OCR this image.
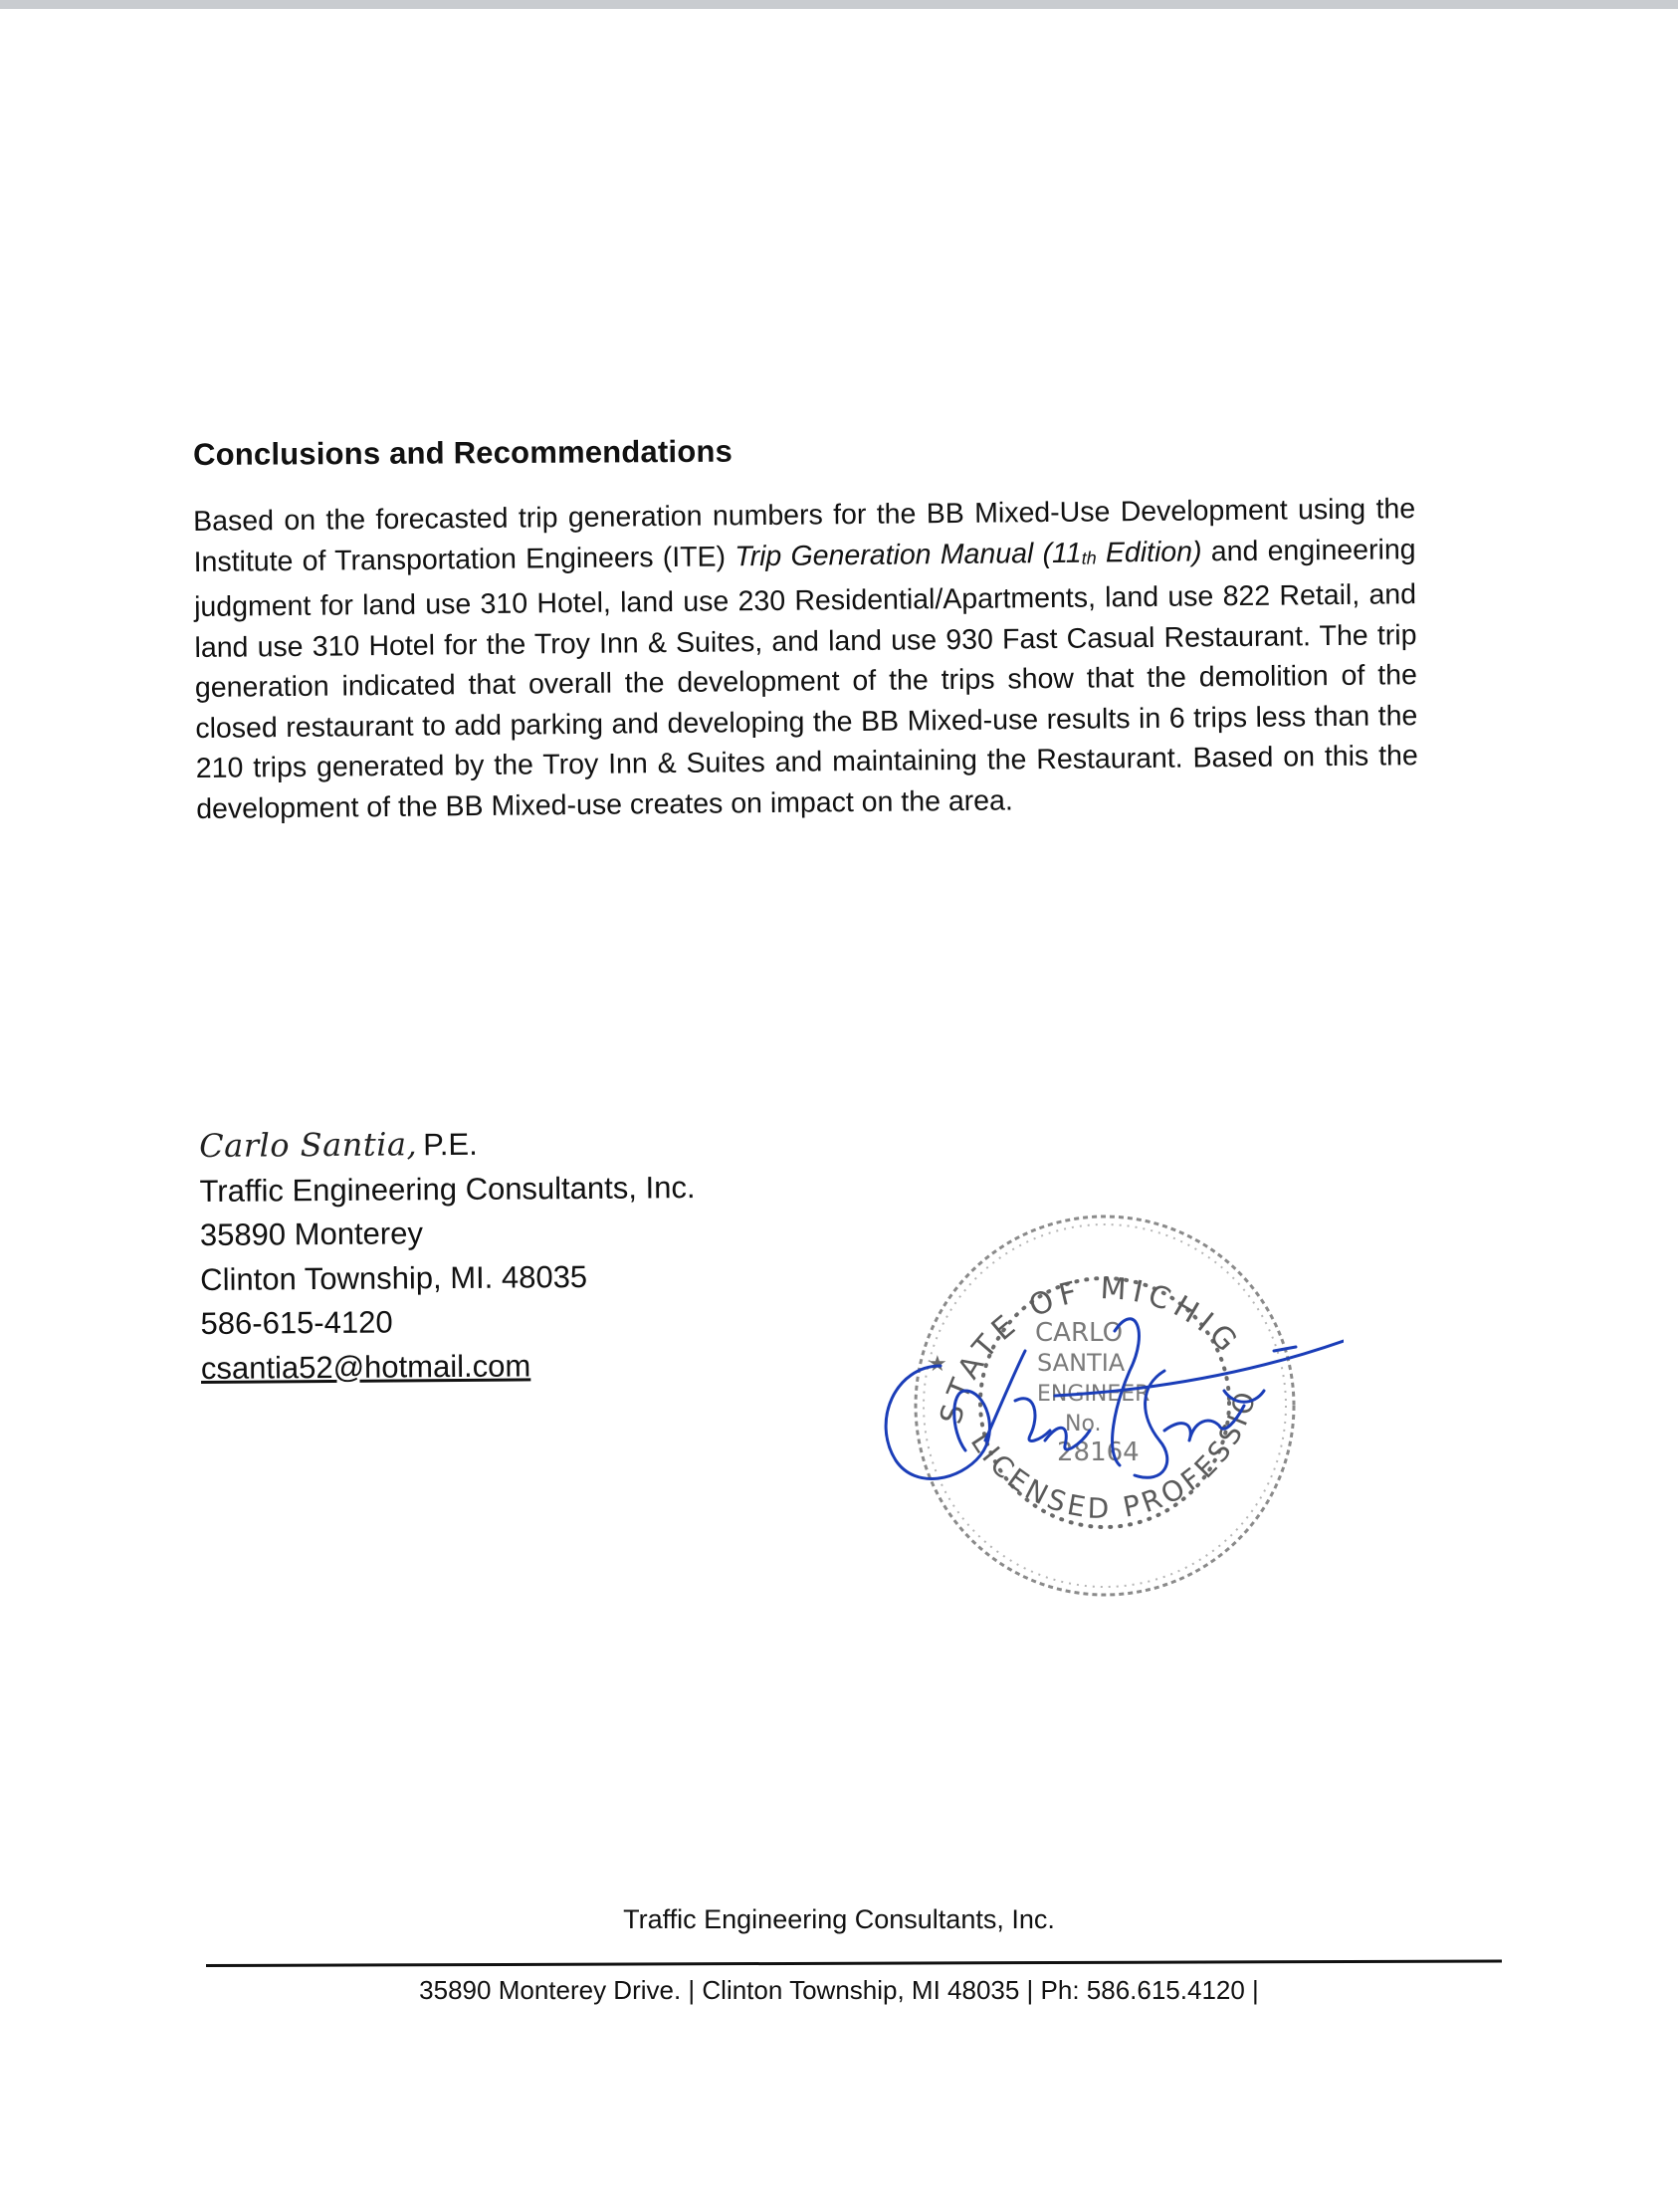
Conclusions and Recommendations

Based on the forecasted trip generation numbers for the BB Mixed-Use Development using the Institute of Transportation Engineers (ITE) Trip Generation Manual (11th Edition) and engineering judgment for land use 310 Hotel, land use 230 Residential/Apartments, land use 822 Retail, and land use 310 Hotel for the Troy Inn & Suites, and land use 930 Fast Casual Restaurant. The trip generation indicated that overall the development of the trips show that the demolition of the closed restaurant to add parking and developing the BB Mixed-use results in 6 trips less than the 210 trips generated by the Troy Inn & Suites and maintaining the Restaurant. Based on this the development of the BB Mixed-use creates on impact on the area.

Carlo Santia, P.E.
Traffic Engineering Consultants, Inc.
35890 Monterey
Clinton Township, MI. 48035
586-615-4120
csantia52@hotmail.com
STATE OF MICHIG
LICENSED PROFESSIO
★
CARLO
SANTIA
ENGINEER
No.
28164
Traffic Engineering Consultants, Inc.
35890 Monterey Drive. | Clinton Township, MI 48035 | Ph: 586.615.4120 |
